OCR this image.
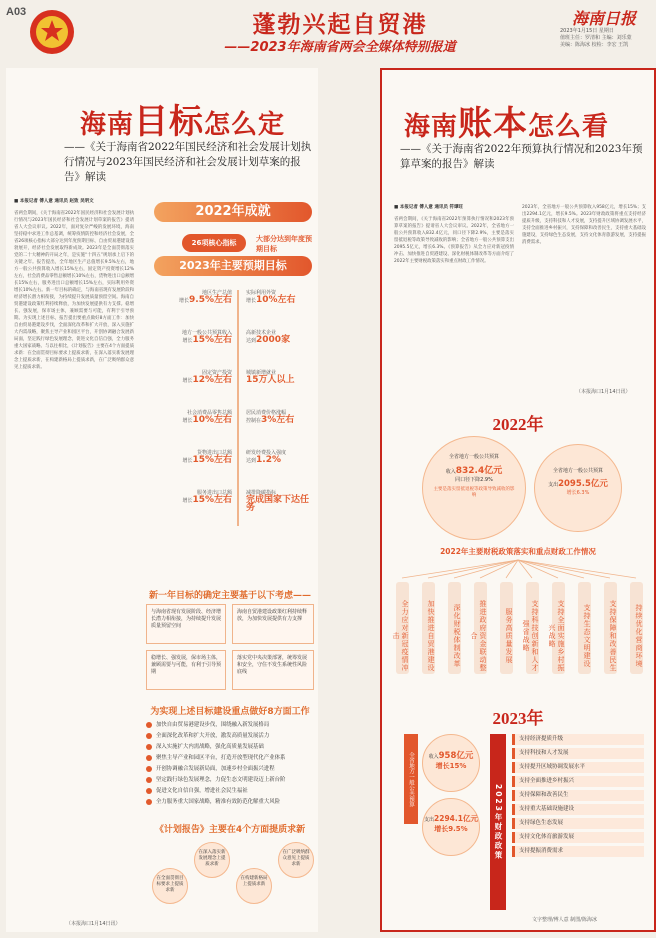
A03	蓬勃兴起自贸港
——2023年海南省两会全媒体特别报道
海南日报
2023年1月15日 星期日
值班主任：罗清和 主编：刘乐蒙
美编：陈海冰 校检：李宏 王凯
海南目标怎么定
——《关于海南省2022年国民经济和社会发展计划执行情况与2023年国民经济和社会发展计划草案的报告》解读
■ 本报记者 傅人意 通讯员 赵致 吴明文
省两会期间，《关于海南省2022年国民经济和社会发展计划执行情况与2023年国民经济和社会发展计划草案的报告》提请省人大会议审议。2022年，面对复杂严峻的发展环境，海南坚持稳中求进工作总基调，统筹疫情防控和经济社会发展，全省26项核心指标大部分达到年度预期目标，自由贸易港建设蓬勃展开，经济社会发展取得新成效。2023年是全面贯彻落实党的二十大精神的开局之年，是实施“十四五”规划承上启下的关键之年。报告提出，全年地区生产总值增长9.5%左右，地方一般公共预算收入增长15%左右，固定资产投资增长12%左右，社会消费品零售总额增长10%左右，货物进出口总额增长15%左右，服务进出口总额增长15%左右，实际利用外资增长10%左右。新一年目标的确定，与海南省现有发展阶段和经济增长潜力相衔接，为持续提升发展质量预留空间。海南自贸港建设政策红利持续释放，为加快发展提供有力支撑。稳增长、强发展，保市场主体，兼顾需要与可能，有利于引导预期。为实现上述目标，报告提出要重点做好8方面工作：加快自由贸易港建设步伐，全面深化改革和扩大开放，深入实施扩大内需战略，聚焦主导产业和园区平台，开创协调融合发展新局面，坚定践行绿色发展理念，促进文化自信自强，全力服务重大国家战略。与以往相比，《计划报告》主要在4个方面提质求新：在全面贯彻目标要求上提质求新，在深入落实新发展理念上提质求新，在构建新格局上提质求新，在广泛吸纳群众意见上提质求新。
2022年成就
26项核心指标	大部分达到年度预期目标
2023年主要预期目标
地区生产总值
增长9.5%左右
地方一般公共预算收入
增长15%左右
固定资产投资
增长12%左右
社会消费品零售总额
增长10%左右
货物进出口总额
增长15%左右
服务进出口总额
增长15%左右
实际利用外资
增长10%左右
高新技术企业
达到2000家
城镇新增就业
15万人以上
居民消费价格涨幅
控制在3%左右
研发经费投入强度
达到1.2%
减排降碳指标
完成国家下达任务
新一年目标的确定主要基于以下考虑——
与海南省现有发展阶段、经济增长潜力相衔接，为持续提升发展质量预留空间
海南自贸港建设政策红利持续释放，为加快发展提供有力支撑
稳增长、强发展，保市场主体，兼顾需要与可能，有利于引导预期
落实党中央决策部署，统筹发展和安全，守住不发生系统性风险底线
为实现上述目标建设重点做好8方面工作
加快自由贸易港建设步伐，围绕融入新发展格局
全面深化改革和扩大开放，激发高质量发展活力
深入实施扩大内需战略，强化高质量发展基础
聚焦主导产业和园区平台，打造开放型现代化产业体系
开创协调融合发展新局面，加速乡村全面振兴进程
坚定践行绿色发展理念，力促生态文明建设迈上新台阶
促进文化自信自强，增进社会民生福祉
全力服务重大国家战略，精准有效防范化解重大风险
《计划报告》主要在4个方面提质求新
在全面贯彻目标要求上提质求新
在深入落实新发展理念上提质求新
在构建新格局上提质求新
在广泛吸纳群众意见上提质求新
（本报海口1月14日讯）
海南账本怎么看
——《关于海南省2022年预算执行情况和2023年预算草案的报告》解读
■ 本报记者 傅人意 通讯员 符谭旺
省两会期间，《关于海南省2022年预算执行情况和2023年预算草案的报告》提请省人大会议审议。2022年，全省地方一般公共预算收入832.4亿元，同口径下降2.9%，主要是落实留抵退税等政策导致减收的影响；全省地方一般公共预算支出2095.5亿元，增长6.3%。《预算报告》从全力应对新冠疫情冲击、加快推进自贸港建设、深化财税体制改革等方面介绍了2022年主要财税政策落实和重点财政工作情况。
2023年，全省地方一般公共预算收入958亿元，增长15%；支出2294.1亿元，增长9.5%。2023年财政政策将重点支持经济提质升级，支持科技和人才发展，支持提升区域协调发展水平，支持全面推进乡村振兴，支持保障和改善民生，支持重大基础设施建设，支持绿色生态发展，支持文化体育旅游发展，支持提振消费需求。
（本报海口1月14日讯）
2022年
全省地方一般公共预算
收入832.4亿元
同口径下降2.9%
主要是落实留抵退税等政策导致减收的影响
全省地方一般公共预算
支出2095.5亿元
增长6.3%
2022年主要财税政策落实和重点财政工作情况
全力应对新冠疫情冲击	加快推进自贸港建设	深化财税体制改革	推进政府资金联动整合	服务高质量发展	支持科技创新和人才强省战略	支持全面实施乡村振兴战略	支持生态文明建设	支持保障和改善民生	持续优化营商环境
2023年
全省地方一般公共预算	收入958亿元
增长15%
支出2294.1亿元
增长9.5%	2023年财政政策
支持经济提质升级
支持科技和人才发展
支持提升区域协调发展水平
支持全面推进乡村振兴
支持保障和改善民生
支持重大基础设施建设
支持绿色生态发展
支持文化体育旅游发展
支持提振消费需求
文字整理/傅人意 制图/陈海冰
